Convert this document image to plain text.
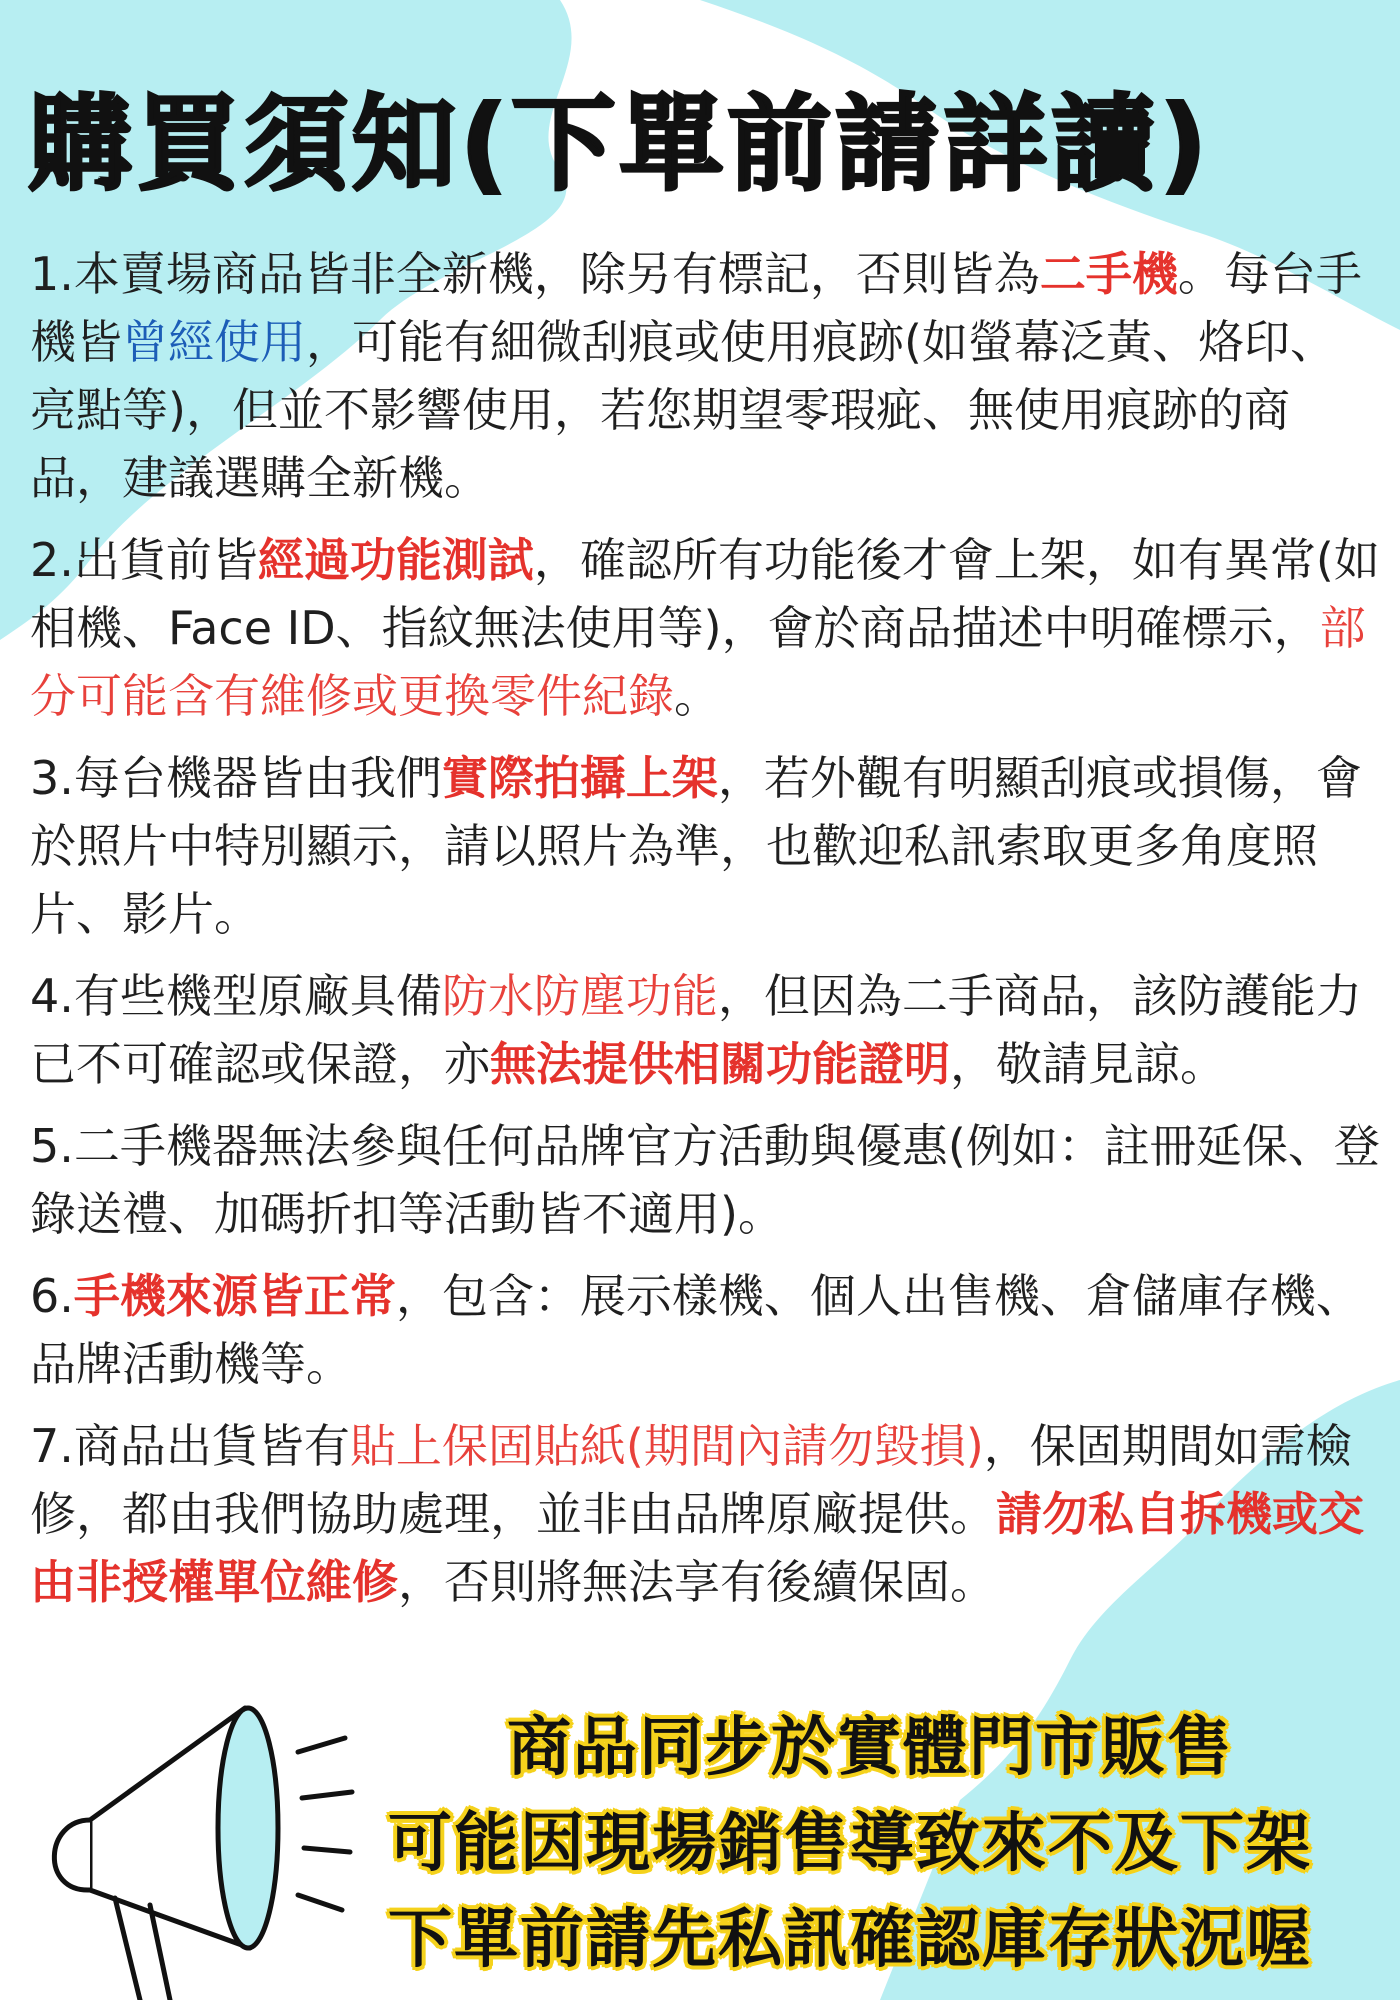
購買須知(下單前請詳讀)

1.本賣場商品皆非全新機，除另有標記，否則皆為二手機。每台手機皆曾經使用，可能有細微刮痕或使用痕跡(如螢幕泛黃、烙印、亮點等)，但並不影響使用，若您期望零瑕疵、無使用痕跡的商品，建議選購全新機。

2.出貨前皆經過功能測試，確認所有功能後才會上架，如有異常(如相機、Face ID、指紋無法使用等)，會於商品描述中明確標示，部分可能含有維修或更換零件紀錄。

3.每台機器皆由我們實際拍攝上架，若外觀有明顯刮痕或損傷，會於照片中特別顯示，請以照片為準，也歡迎私訊索取更多角度照片、影片。

4.有些機型原廠具備防水防塵功能，但因為二手商品，該防護能力已不可確認或保證，亦無法提供相關功能證明，敬請見諒。

5.二手機器無法參與任何品牌官方活動與優惠(例如：註冊延保、登錄送禮、加碼折扣等活動皆不適用)。

6.手機來源皆正常，包含：展示樣機、個人出售機、倉儲庫存機、品牌活動機等。

7.商品出貨皆有貼上保固貼紙(期間內請勿毀損)，保固期間如需檢修，都由我們協助處理，並非由品牌原廠提供。請勿私自拆機或交由非授權單位維修，否則將無法享有後續保固。

商品同步於實體門市販售
可能因現場銷售導致來不及下架
下單前請先私訊確認庫存狀況喔
